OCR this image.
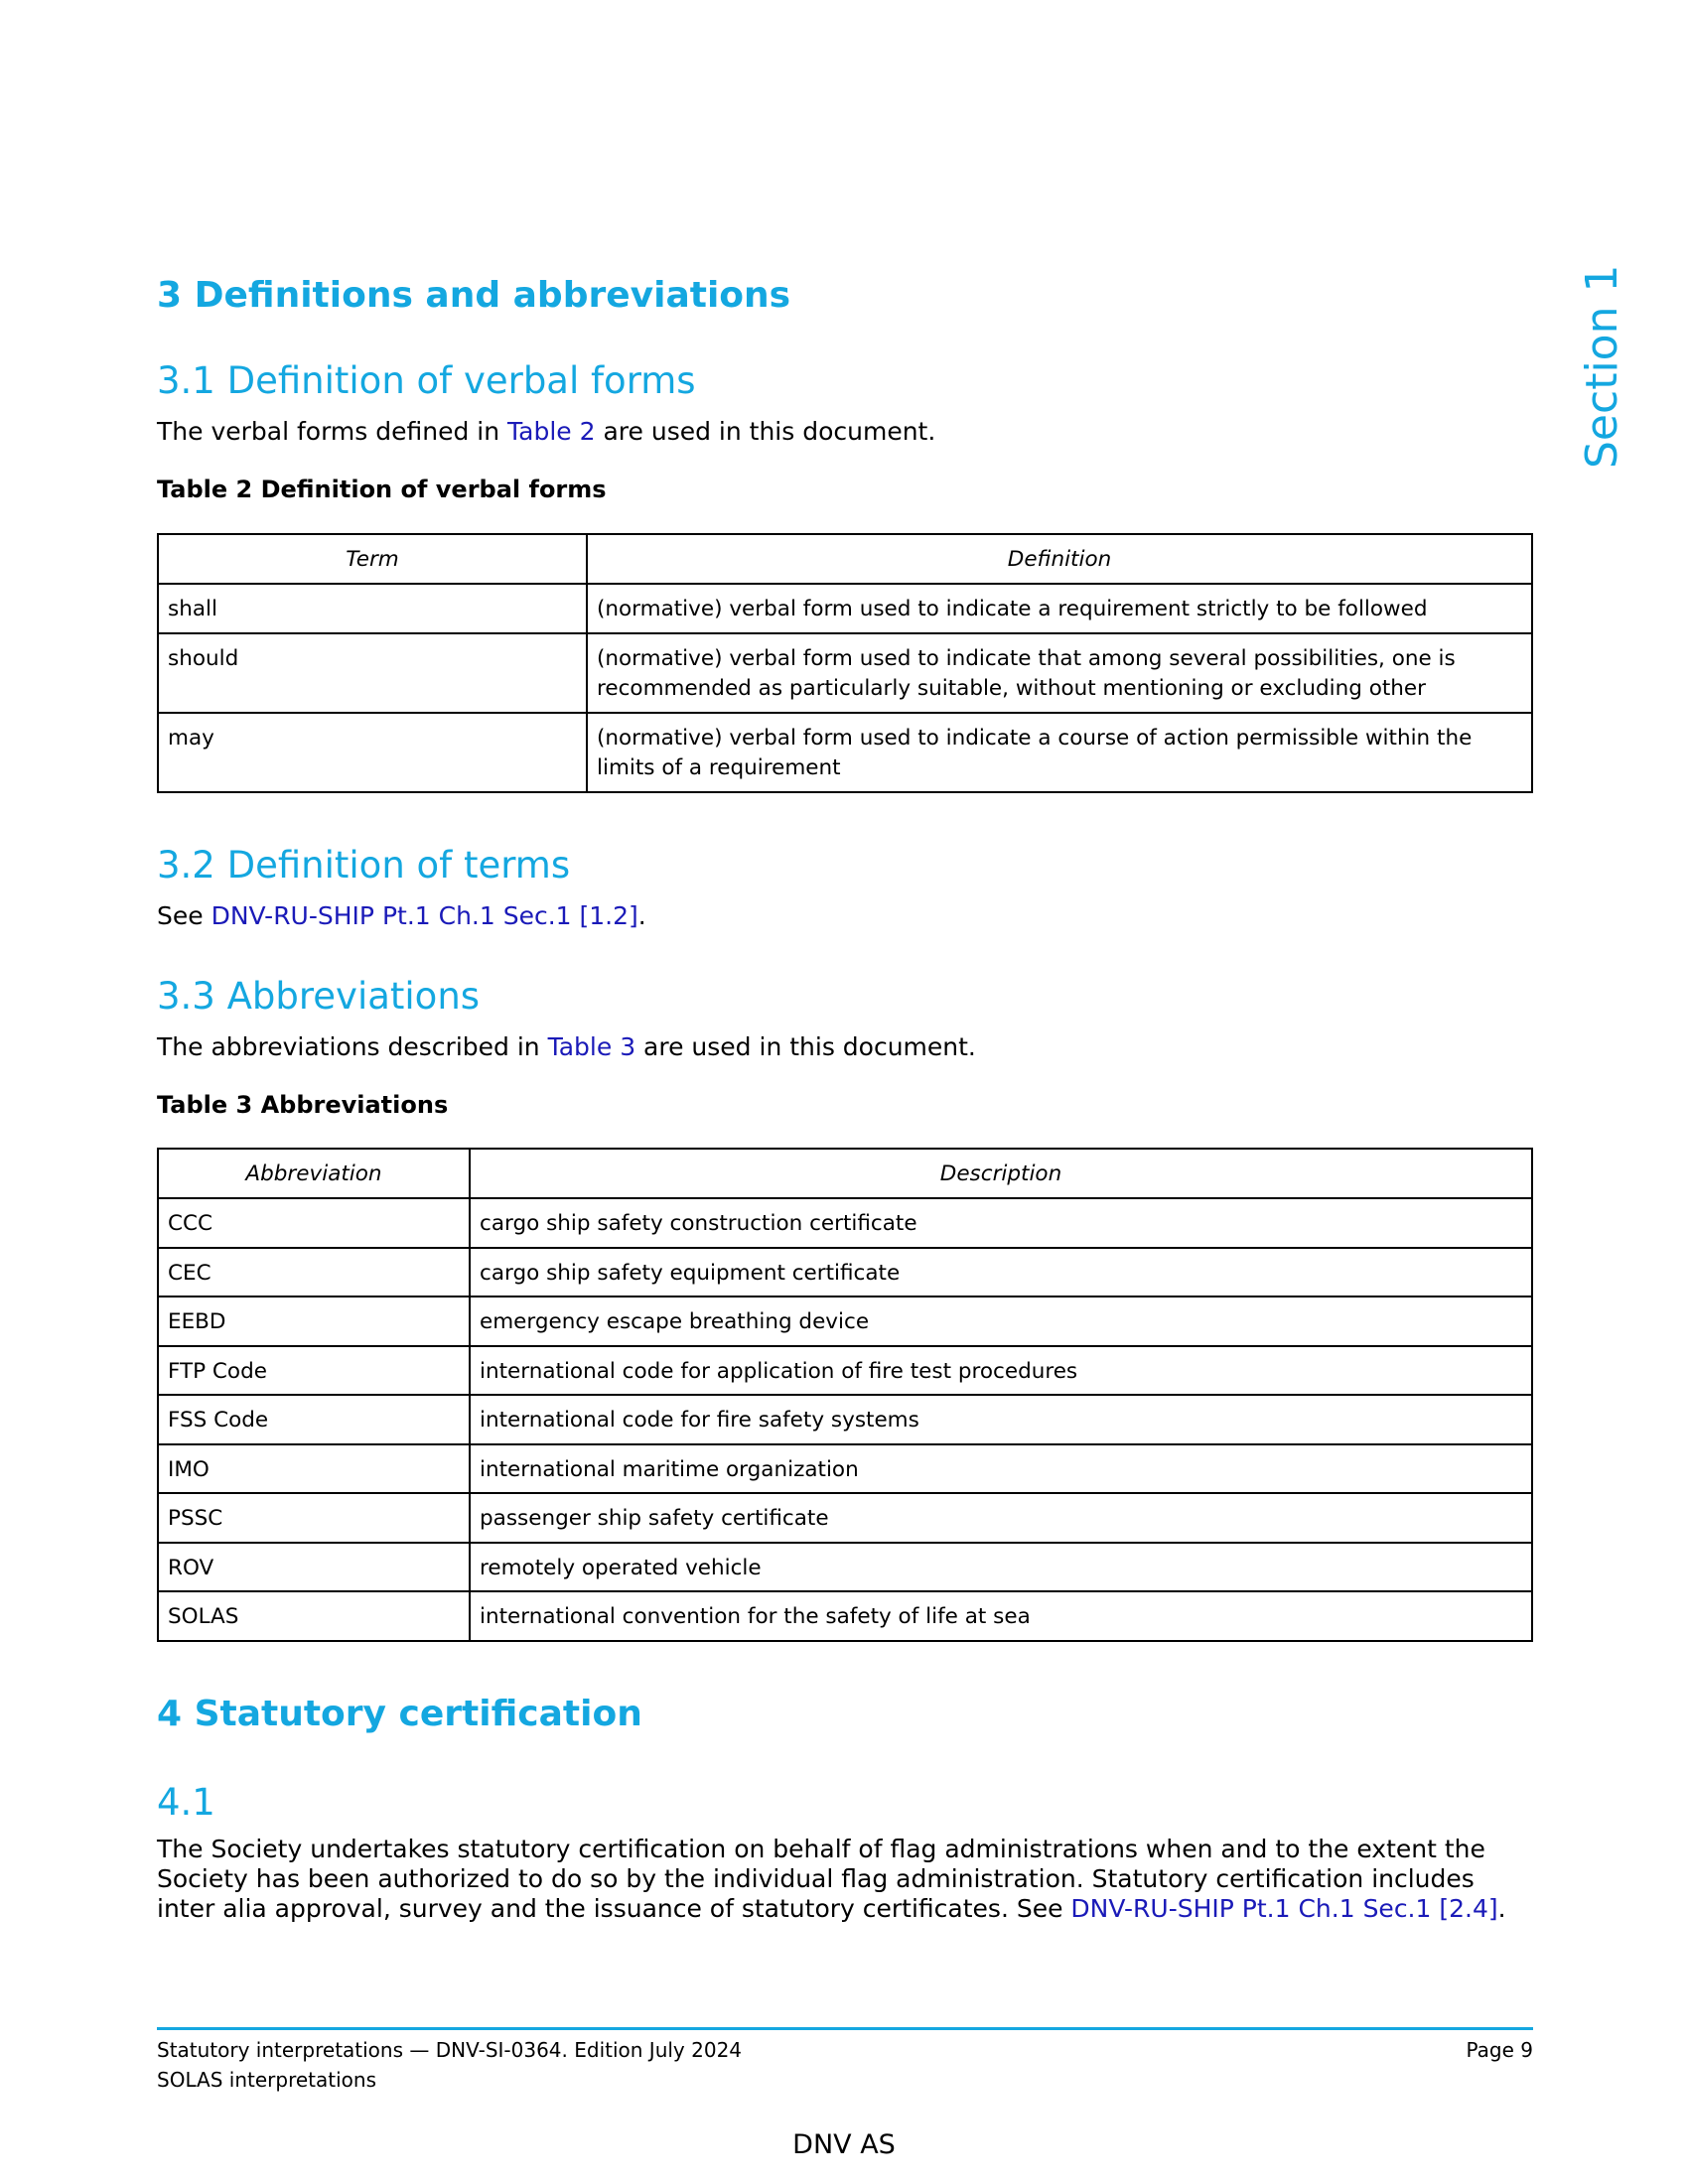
Section 1
3 Definitions and abbreviations
3.1 Definition of verbal forms
The verbal forms defined in Table 2 are used in this document.
Table 2 Definition of verbal forms
Term	Definition
shall	(normative) verbal form used to indicate a requirement strictly to be followed
should	(normative) verbal form used to indicate that among several possibilities, one is recommended as particularly suitable, without mentioning or excluding other
may	(normative) verbal form used to indicate a course of action permissible within the limits of a requirement
3.2 Definition of terms
See DNV-RU-SHIP Pt.1 Ch.1 Sec.1 [1.2].
3.3 Abbreviations
The abbreviations described in Table 3 are used in this document.
Table 3 Abbreviations
Abbreviation	Description
CCC	cargo ship safety construction certificate
CEC	cargo ship safety equipment certificate
EEBD	emergency escape breathing device
FTP Code	international code for application of fire test procedures
FSS Code	international code for fire safety systems
IMO	international maritime organization
PSSC	passenger ship safety certificate
ROV	remotely operated vehicle
SOLAS	international convention for the safety of life at sea
4 Statutory certification
4.1
The Society undertakes statutory certification on behalf of flag administrations when and to the extent the Society has been authorized to do so by the individual flag administration. Statutory certification includes inter alia approval, survey and the issuance of statutory certificates. See DNV-RU-SHIP Pt.1 Ch.1 Sec.1 [2.4].
Statutory interpretations — DNV-SI-0364. Edition July 2024
SOLAS interpretations
Page 9
DNV AS
